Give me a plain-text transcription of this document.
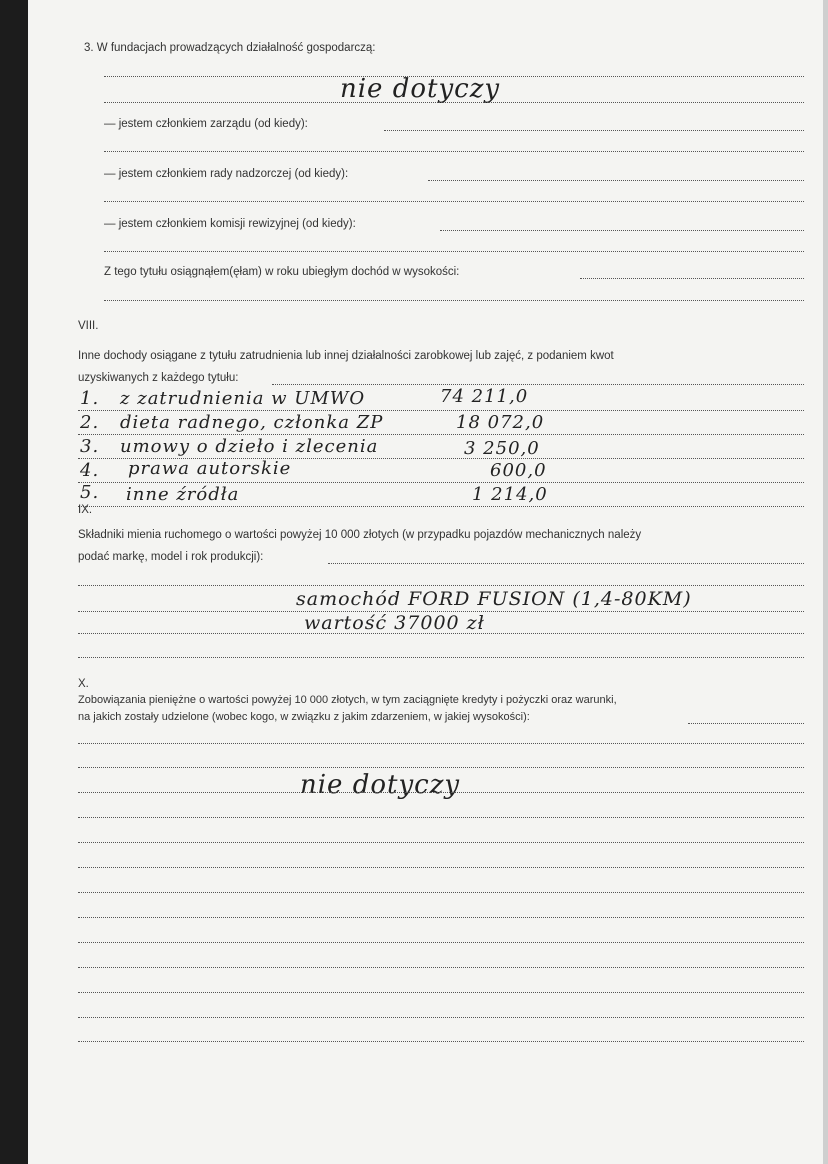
3. W fundacjach prowadzących działalność gospodarczą:
nie dotyczy
— jestem członkiem zarządu (od kiedy):
— jestem członkiem rady nadzorczej (od kiedy):
— jestem członkiem komisji rewizyjnej (od kiedy):
Z tego tytułu osiągnąłem(ęłam) w roku ubiegłym dochód w wysokości:
VIII.
Inne dochody osiągane z tytułu zatrudnienia lub innej działalności zarobkowej lub zajęć, z podaniem kwot
uzyskiwanych z każdego tytułu:
1. z zatrudnienia w UMWO	74 211,0
2. dieta radnego, członka ZP	18 072,0
3. umowy o dzieło i zlecenia	3 250,0
4. prawa autorskie	600,0
5. inne źródła	1 214,0
IX.
Składniki mienia ruchomego o wartości powyżej 10 000 złotych (w przypadku pojazdów mechanicznych należy
podać markę, model i rok produkcji):
samochód FORD FUSION (1,4-80KM)
wartość 37000 zł
X.
Zobowiązania pieniężne o wartości powyżej 10 000 złotych, w tym zaciągnięte kredyty i pożyczki oraz warunki,
na jakich zostały udzielone (wobec kogo, w związku z jakim zdarzeniem, w jakiej wysokości):
nie dotyczy
